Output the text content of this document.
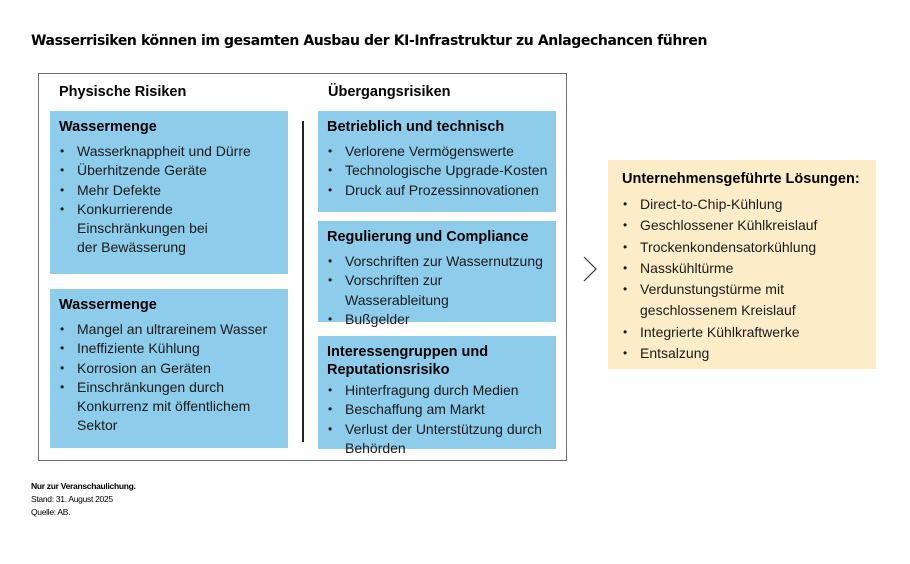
Wasserrisiken können im gesamten Ausbau der KI-Infrastruktur zu Anlagechancen führen
Physische Risiken	Übergangsrisiken
Wassermenge
• Wasserknappheit und Dürre
• Überhitzende Geräte
• Mehr Defekte
• Konkurrierende Einschränkungen bei der Bewässerung
Wassermenge
• Mangel an ultrareinem Wasser
• Ineffiziente Kühlung
• Korrosion an Geräten
• Einschränkungen durch Konkurrenz mit öffentlichem Sektor
Betrieblich und technisch
• Verlorene Vermögenswerte
• Technologische Upgrade-Kosten
• Druck auf Prozessinnovationen
Regulierung und Compliance
• Vorschriften zur Wassernutzung
• Vorschriften zur Wasserableitung
• Bußgelder
Interessengruppen und Reputationsrisiko
• Hinterfragung durch Medien
• Beschaffung am Markt
• Verlust der Unterstützung durch Behörden
Unternehmensgeführte Lösungen:
• Direct-to-Chip-Kühlung
• Geschlossener Kühlkreislauf
• Trockenkondensatorkühlung
• Nasskühltürme
• Verdunstungstürme mit geschlossenem Kreislauf
• Integrierte Kühlkraftwerke
• Entsalzung
Nur zur Veranschaulichung.
Stand: 31. August 2025
Quelle: AB.
